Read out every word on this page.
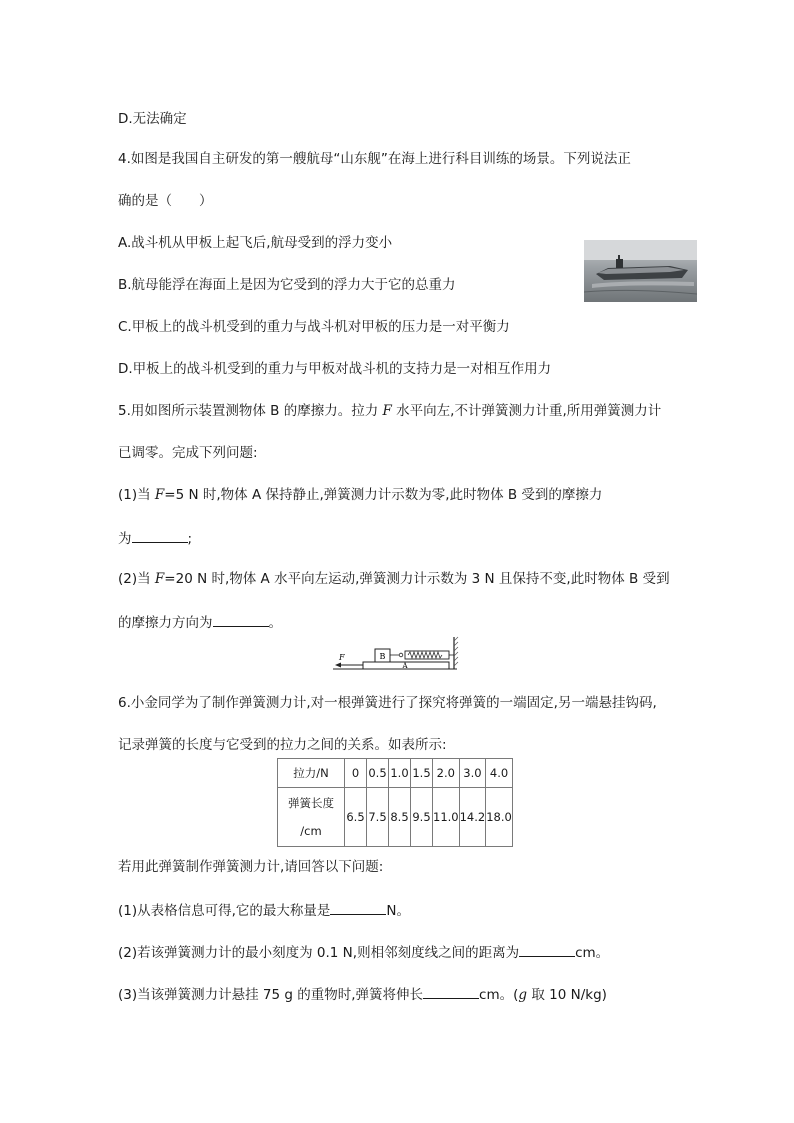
D.无法确定
4.如图是我国自主研发的第一艘航母“山东舰”在海上进行科目训练的场景。下列说法正
确的是（　　）
A.战斗机从甲板上起飞后,航母受到的浮力变小
B.航母能浮在海面上是因为它受到的浮力大于它的总重力
C.甲板上的战斗机受到的重力与战斗机对甲板的压力是一对平衡力
D.甲板上的战斗机受到的重力与甲板对战斗机的支持力是一对相互作用力
5.用如图所示装置测物体 B 的摩擦力。拉力 F 水平向左,不计弹簧测力计重,所用弹簧测力计
已调零。完成下列问题:
(1)当 F=5 N 时,物体 A 保持静止,弹簧测力计示数为零,此时物体 B 受到的摩擦力
为	;
(2)当 F=20 N 时,物体 A 水平向左运动,弹簧测力计示数为 3 N 且保持不变,此时物体 B 受到
的摩擦力方向为	。
A
B
F
6.小金同学为了制作弹簧测力计,对一根弹簧进行了探究将弹簧的一端固定,另一端悬挂钩码,
记录弹簧的长度与它受到的拉力之间的关系。如表所示:
拉力/N	0	0.5	1.0	1.5	2.0	3.0	4.0

弹簧长度
/cm	6.5	7.5	8.5	9.5	11.0	14.2	18.0
若用此弹簧制作弹簧测力计,请回答以下问题:
(1)从表格信息可得,它的最大称量是	N。
(2)若该弹簧测力计的最小刻度为 0.1 N,则相邻刻度线之间的距离为	cm。
(3)当该弹簧测力计悬挂 75 g 的重物时,弹簧将伸长	cm。(g 取 10 N/kg)
